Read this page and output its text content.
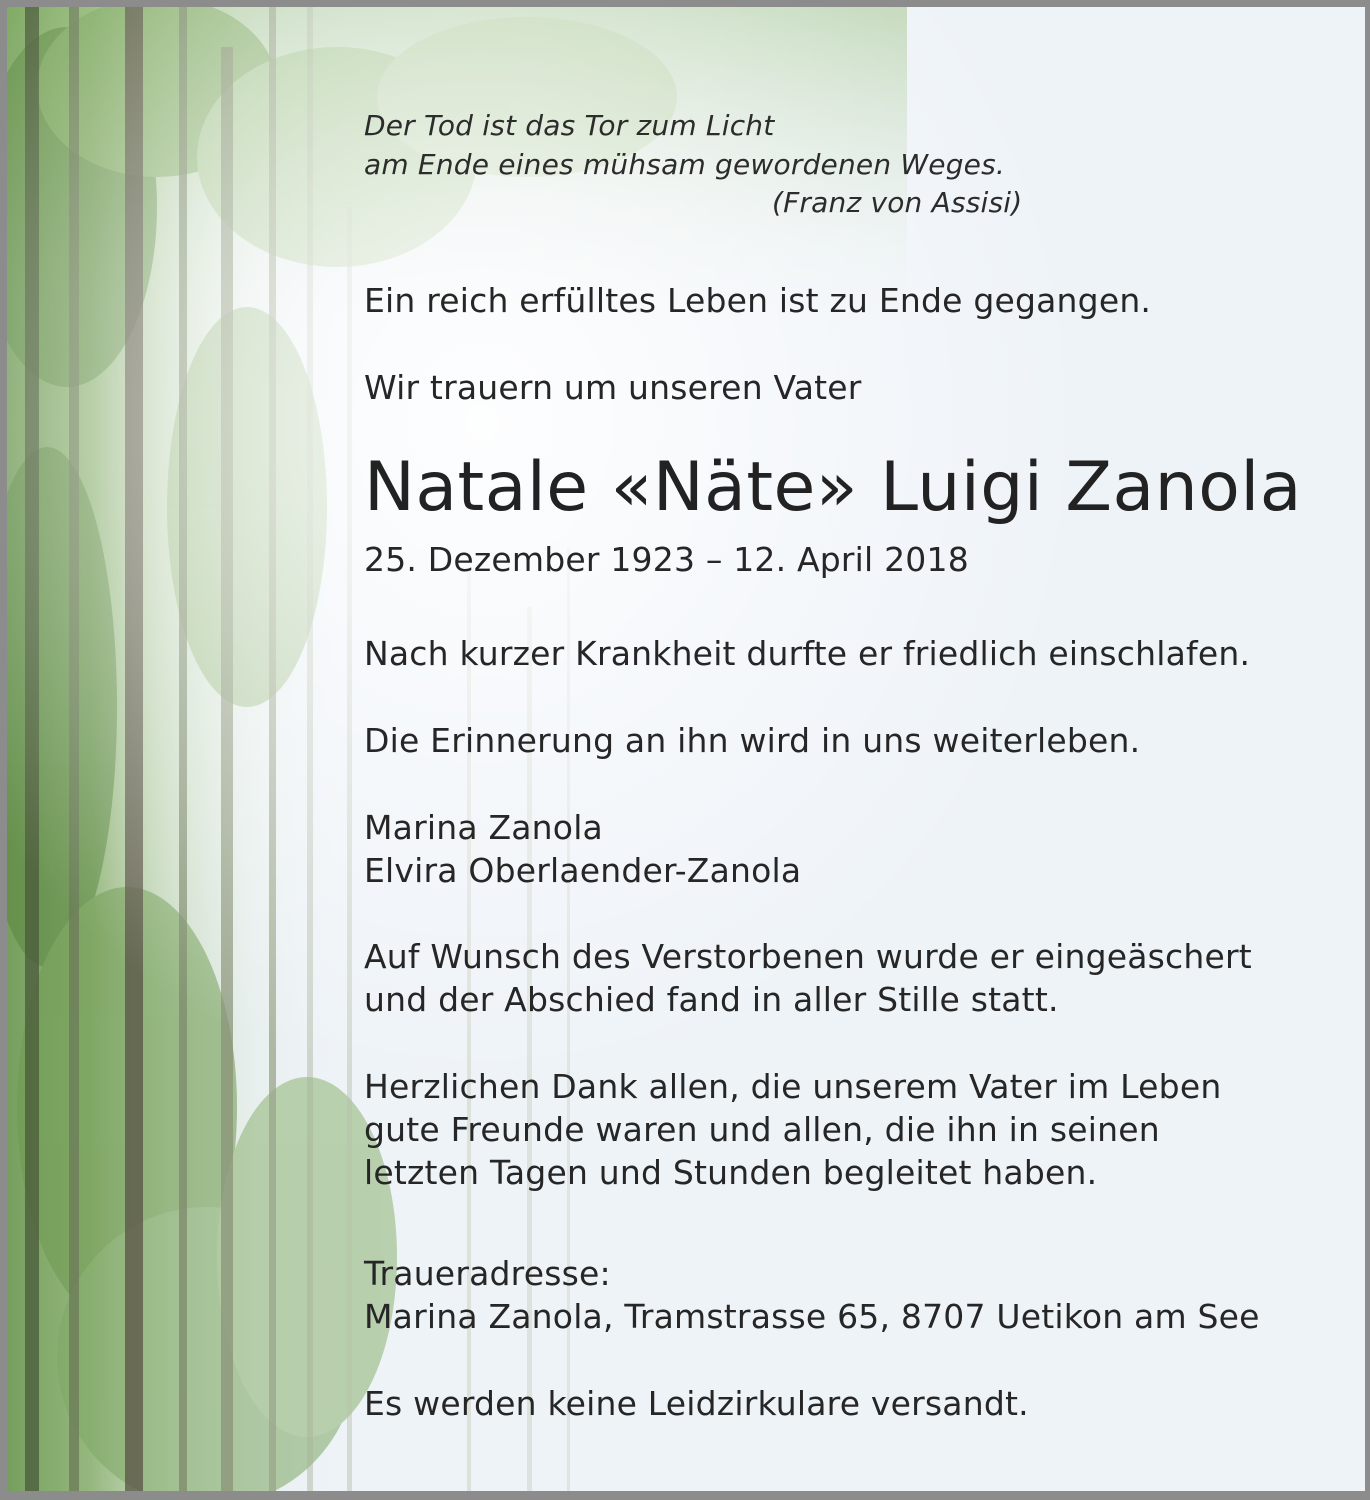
Der Tod ist das Tor zum Licht
am Ende eines mühsam gewordenen Weges.
(Franz von Assisi)
Ein reich erfülltes Leben ist zu Ende gegangen.
Wir trauern um unseren Vater
Natale «Näte» Luigi Zanola
25. Dezember 1923 – 12. April 2018
Nach kurzer Krankheit durfte er friedlich einschlafen.
Die Erinnerung an ihn wird in uns weiterleben.
Marina Zanola
Elvira Oberlaender-Zanola
Auf Wunsch des Verstorbenen wurde er eingeäschert
und der Abschied fand in aller Stille statt.
Herzlichen Dank allen, die unserem Vater im Leben
gute Freunde waren und allen, die ihn in seinen
letzten Tagen und Stunden begleitet haben.
Traueradresse:
Marina Zanola, Tramstrasse 65, 8707 Uetikon am See
Es werden keine Leidzirkulare versandt.
